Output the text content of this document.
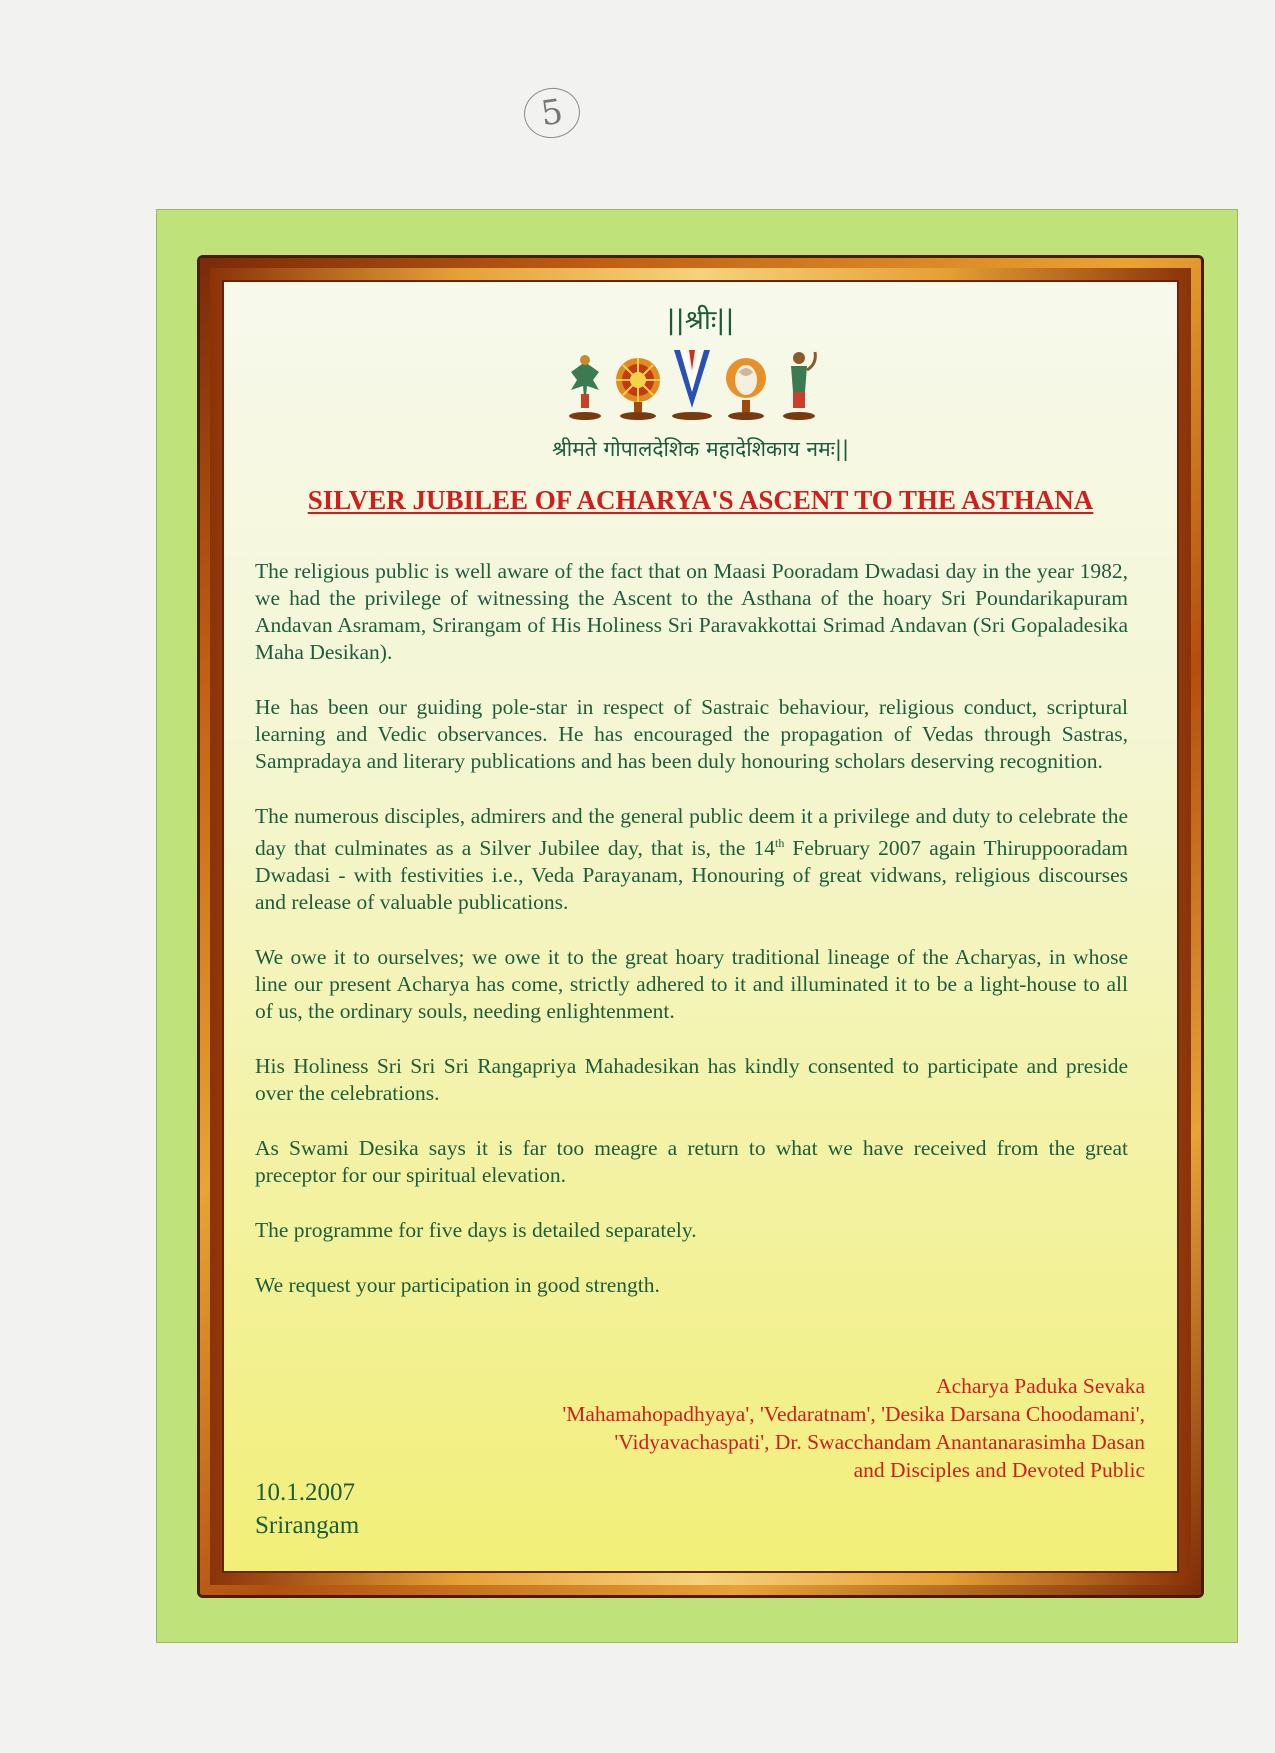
5
||श्रीः||
श्रीमते गोपालदेशिक महादेशिकाय नमः||
SILVER JUBILEE OF ACHARYA'S ASCENT TO THE ASTHANA

The religious public is well aware of the fact that on Maasi Pooradam Dwadasi day in the year 1982, we had the privilege of witnessing the Ascent to the Asthana of the hoary Sri Poundarikapuram Andavan Asramam, Srirangam of His Holiness Sri Paravakkottai Srimad Andavan (Sri Gopaladesika Maha Desikan).

He has been our guiding pole-star in respect of Sastraic behaviour, religious conduct, scriptural learning and Vedic observances. He has encouraged the propagation of Vedas through Sastras, Sampradaya and literary publications and has been duly honouring scholars deserving recognition.

The numerous disciples, admirers and the general public deem it a privilege and duty to celebrate the day that culminates as a Silver Jubilee day, that is, the 14th February 2007 again Thiruppooradam Dwadasi - with festivities i.e., Veda Parayanam, Honouring of great vidwans, religious discourses and release of valuable publications.

We owe it to ourselves; we owe it to the great hoary traditional lineage of the Acharyas, in whose line our present Acharya has come, strictly adhered to it and illuminated it to be a light-house to all of us, the ordinary souls, needing enlightenment.

His Holiness Sri Sri Sri Rangapriya Mahadesikan has kindly consented to participate and preside over the celebrations.

As Swami Desika says it is far too meagre a return to what we have received from the great preceptor for our spiritual elevation.

The programme for five days is detailed separately.

We request your participation in good strength.

Acharya Paduka Sevaka
'Mahamahopadhyaya', 'Vedaratnam', 'Desika Darsana Choodamani',
'Vidyavachaspati', Dr. Swacchandam Anantanarasimha Dasan
and Disciples and Devoted Public
10.1.2007
Srirangam
